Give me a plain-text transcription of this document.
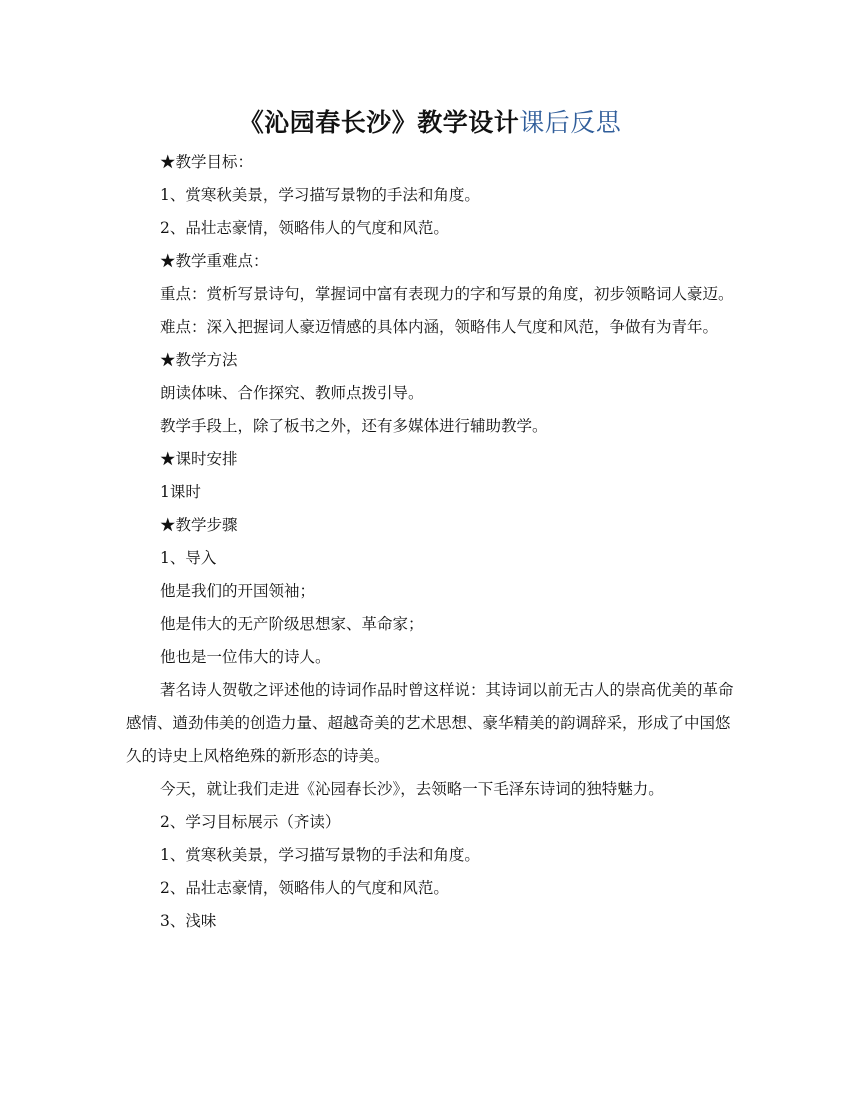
《沁园春长沙》教学设计课后反思

★教学目标：

1、赏寒秋美景，学习描写景物的手法和角度。

2、品壮志豪情，领略伟人的气度和风范。

★教学重难点：

重点：赏析写景诗句，掌握词中富有表现力的字和写景的角度，初步领略词人豪迈。

难点：深入把握词人豪迈情感的具体内涵，领略伟人气度和风范，争做有为青年。

★教学方法

朗读体味、合作探究、教师点拨引导。

教学手段上，除了板书之外，还有多媒体进行辅助教学。

★课时安排

1课时

★教学步骤

1、导入

他是我们的开国领袖；

他是伟大的无产阶级思想家、革命家；

他也是一位伟大的诗人。

著名诗人贺敬之评述他的诗词作品时曾这样说：其诗词以前无古人的崇高优美的革命感情、遒劲伟美的创造力量、超越奇美的艺术思想、豪华精美的韵调辞采，形成了中国悠久的诗史上风格绝殊的新形态的诗美。

今天，就让我们走进《沁园春长沙》，去领略一下毛泽东诗词的独特魅力。

2、学习目标展示（齐读）

1、赏寒秋美景，学习描写景物的手法和角度。

2、品壮志豪情，领略伟人的气度和风范。

3、浅味
